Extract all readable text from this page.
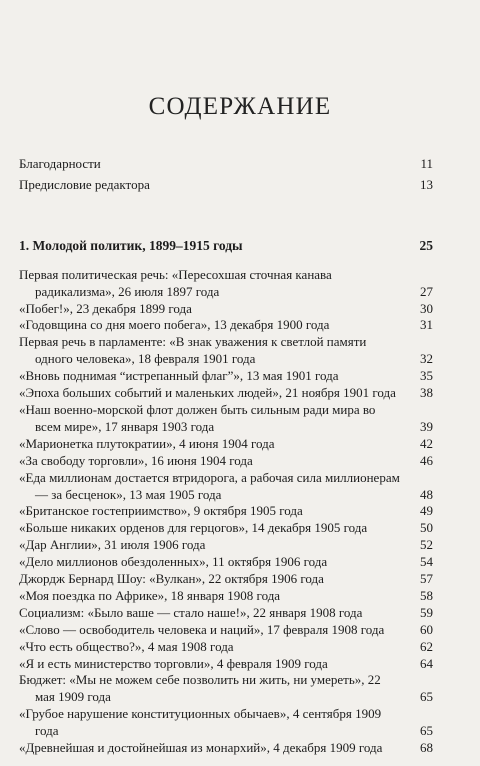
СОДЕРЖАНИЕ
Благодарности	11
Предисловие редактора	13
1. Молодой политик, 1899–1915 годы	25
Первая политическая речь: «Пересохшая сточная канава радикализма», 26 июля 1897 года	27
«Побег!», 23 декабря 1899 года	30
«Годовщина со дня моего побега», 13 декабря 1900 года	31
Первая речь в парламенте: «В знак уважения к светлой памяти одного человека», 18 февраля 1901 года	32
«Вновь поднимая “истрепанный флаг”», 13 мая 1901 года	35
«Эпоха больших событий и маленьких людей», 21 ноября 1901 года	38
«Наш военно-морской флот должен быть сильным ради мира во всем мире», 17 января 1903 года	39
«Марионетка плутократии», 4 июня 1904 года	42
«За свободу торговли», 16 июня 1904 года	46
«Еда миллионам достается втридорога, а рабочая сила миллионерам — за бесценок», 13 мая 1905 года	48
«Британское гостеприимство», 9 октября 1905 года	49
«Больше никаких орденов для герцогов», 14 декабря 1905 года	50
«Дар Англии», 31 июля 1906 года	52
«Дело миллионов обездоленных», 11 октября 1906 года	54
Джордж Бернард Шоу: «Вулкан», 22 октября 1906 года	57
«Моя поездка по Африке», 18 января 1908 года	58
Социализм: «Было ваше — стало наше!», 22 января 1908 года	59
«Слово — освободитель человека и наций», 17 февраля 1908 года	60
«Что есть общество?», 4 мая 1908 года	62
«Я и есть министерство торговли», 4 февраля 1909 года	64
Бюджет: «Мы не можем себе позволить ни жить, ни умереть», 22 мая 1909 года	65
«Грубое нарушение конституционных обычаев», 4 сентября 1909 года	65
«Древнейшая и достойнейшая из монархий», 4 декабря 1909 года	68
